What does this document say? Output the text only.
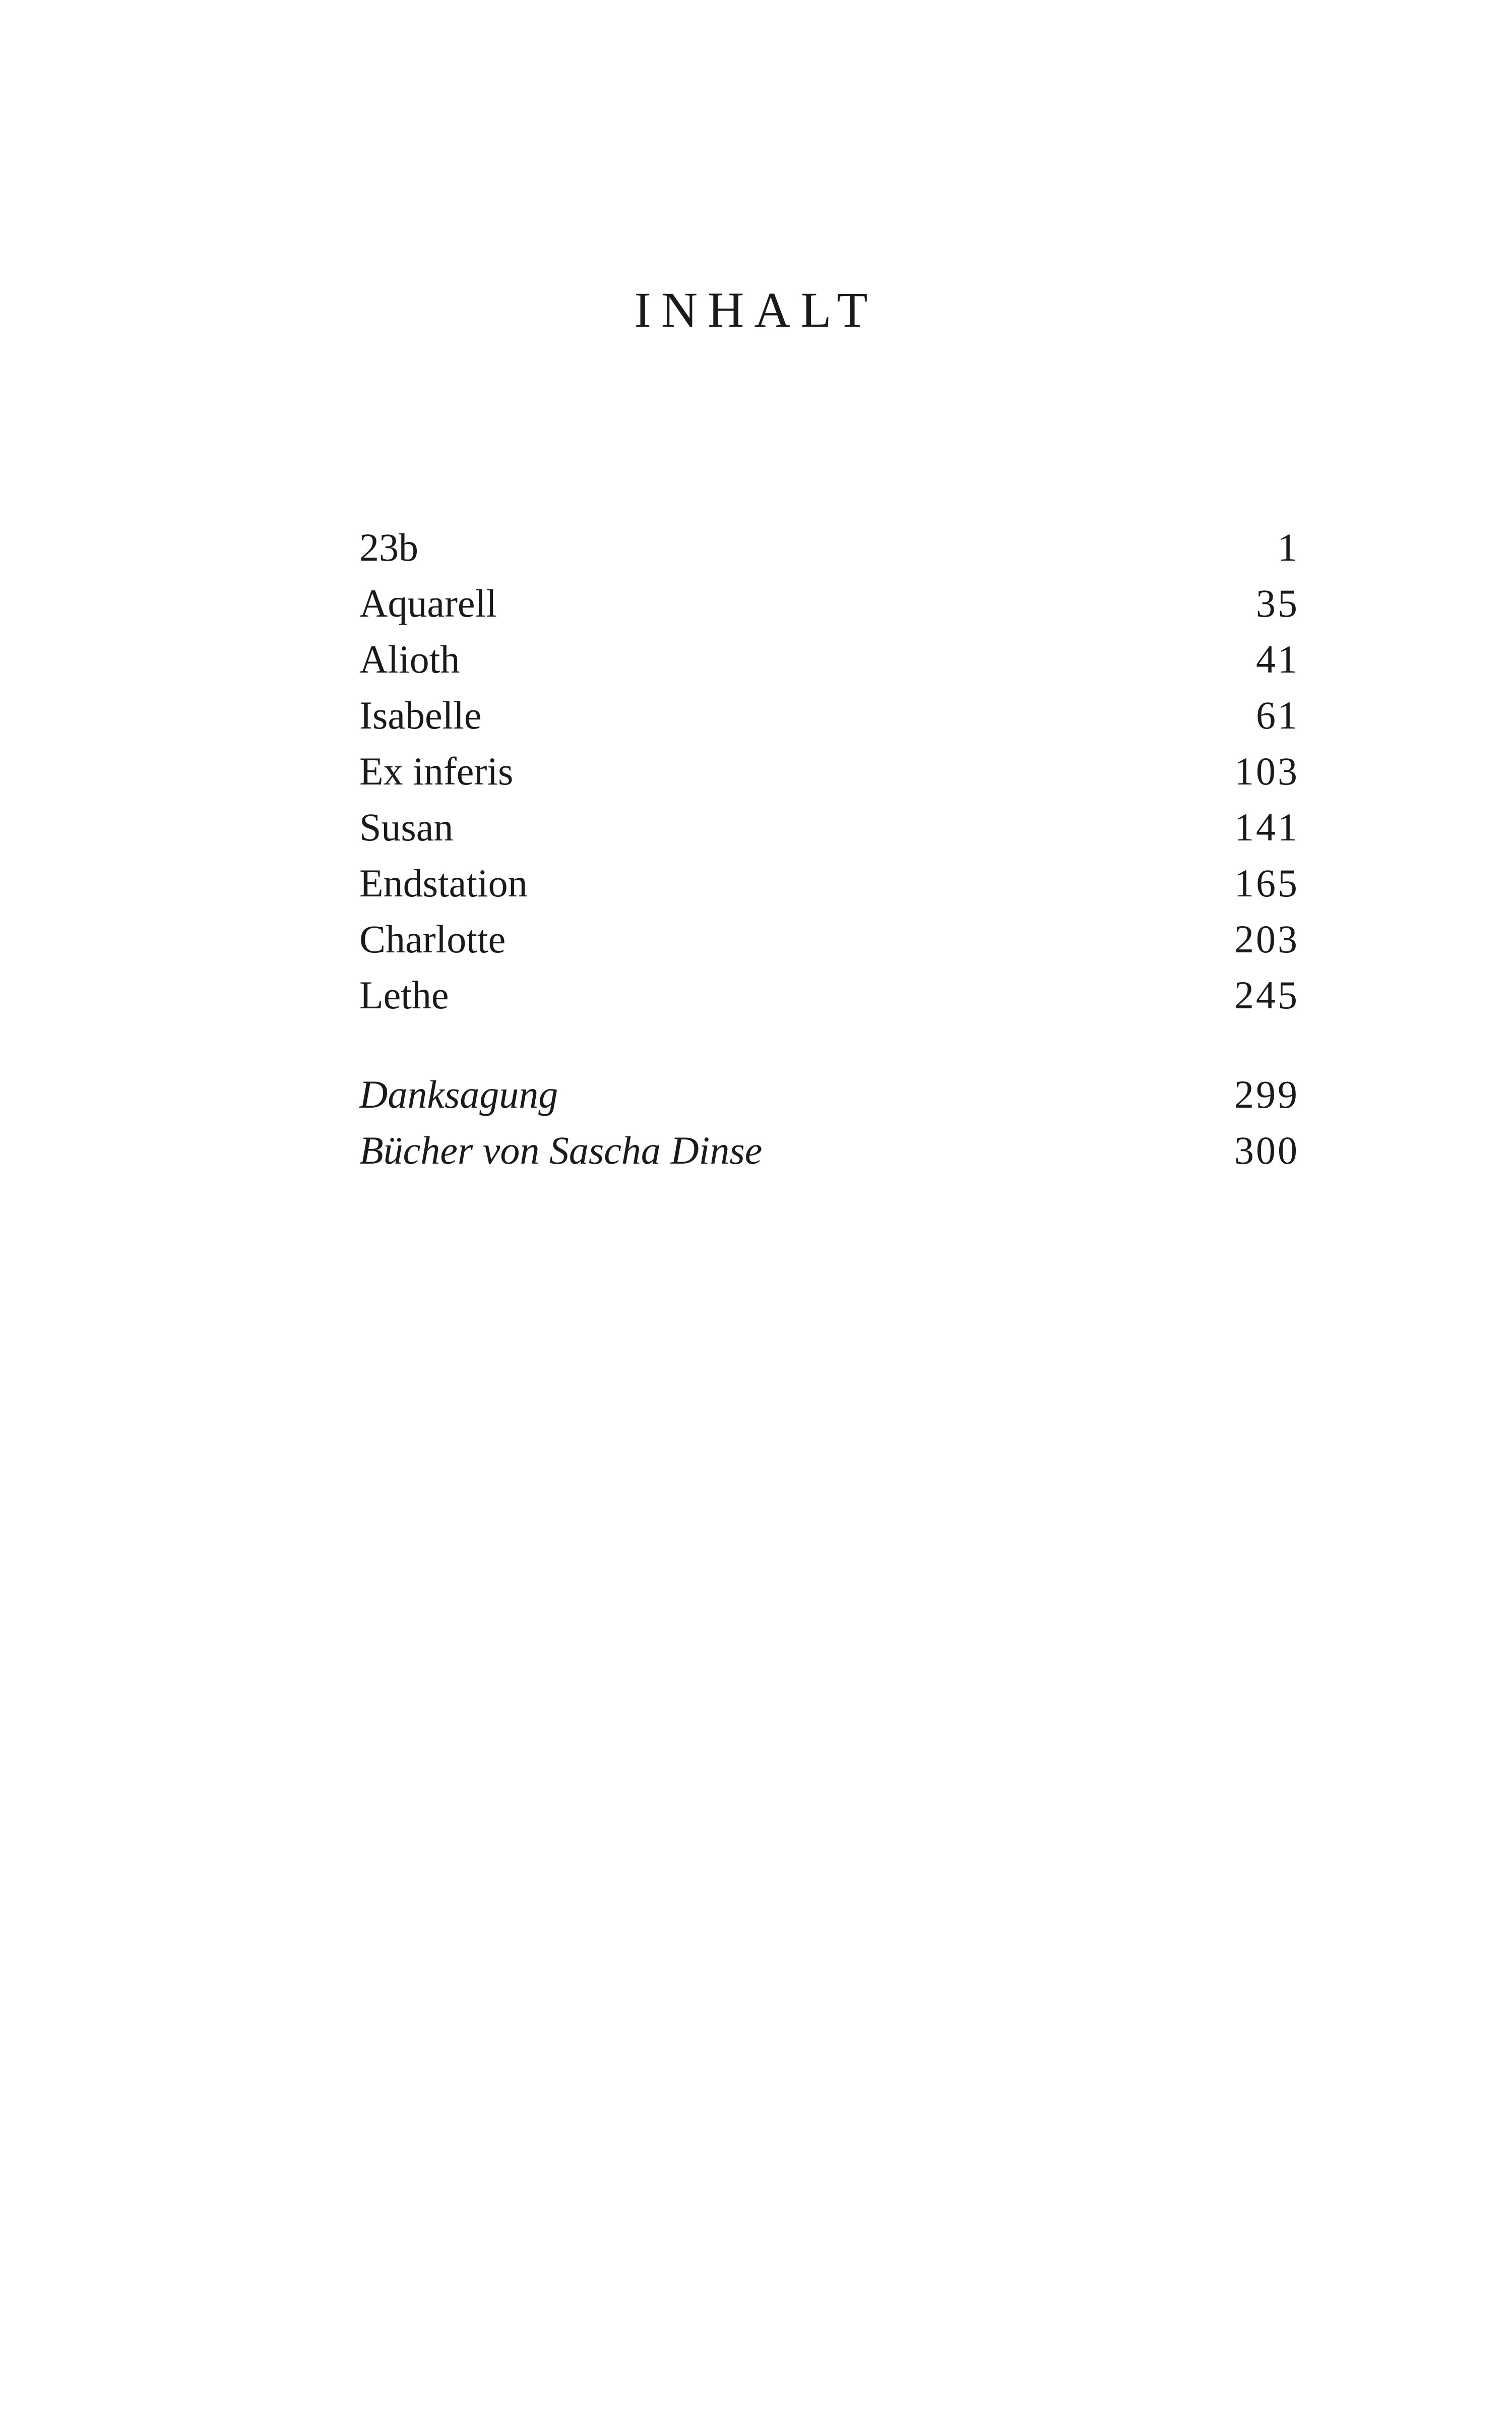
INHALT
23b	1
Aquarell	35
Alioth	41
Isabelle	61
Ex inferis	103
Susan	141
Endstation	165
Charlotte	203
Lethe	245
Danksagung	299
Bücher von Sascha Dinse	300
